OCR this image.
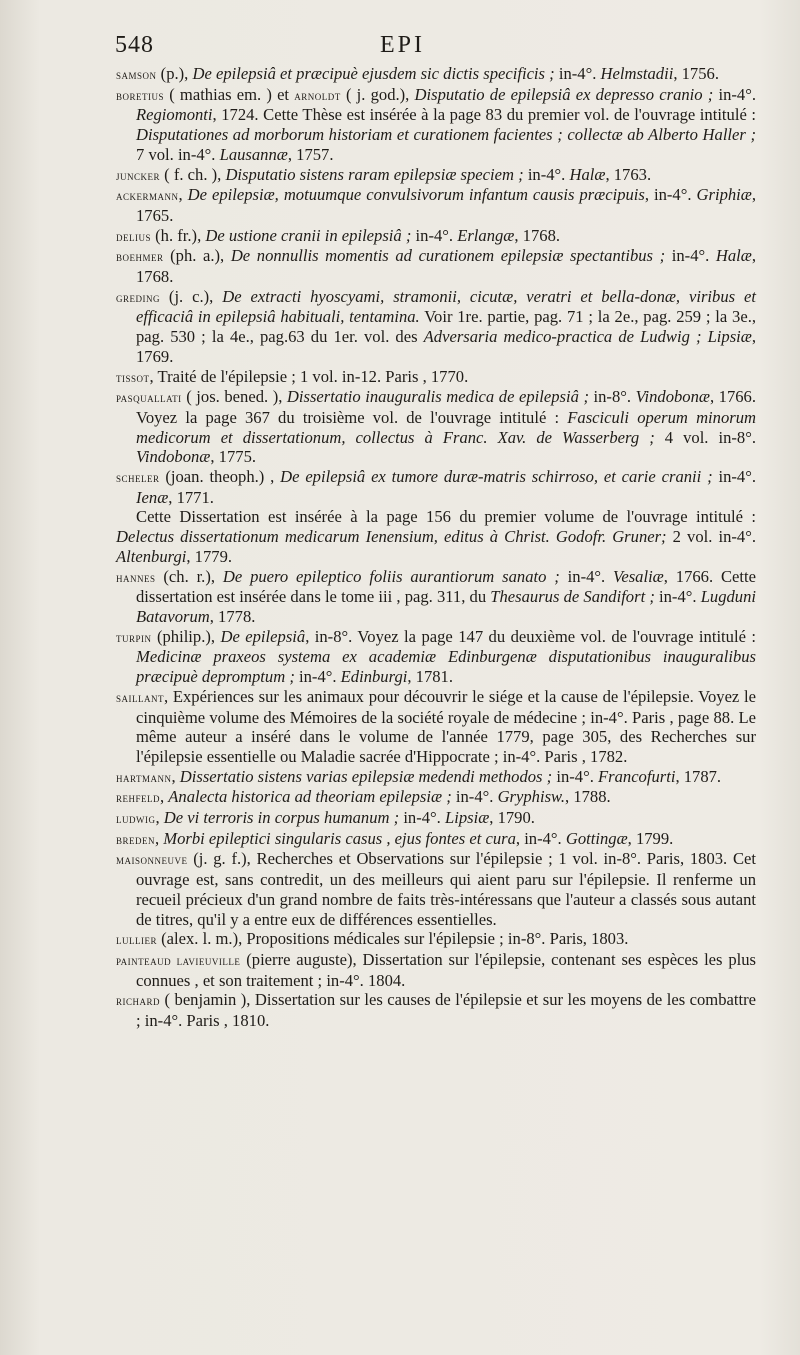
548	EPI

samson (p.), De epilepsiâ et præcipuè ejusdem sic dictis specificis ; in-4°. Helmstadii, 1756.

boretius ( mathias em. ) et arnoldt ( j. god.), Disputatio de epilepsiâ ex depresso cranio ; in-4°. Regiomonti, 1724. Cette Thèse est insérée à la page 83 du premier vol. de l'ouvrage intitulé : Disputationes ad morborum historiam et curationem facientes ; collectæ ab Alberto Haller ; 7 vol. in-4°. Lausannæ, 1757.

juncker ( f. ch. ), Disputatio sistens raram epilepsiæ speciem ; in-4°. Halæ, 1763.

ackermann, De epilepsiæ, motuumque convulsivorum infantum causis præcipuis, in-4°. Griphiæ, 1765.

delius (h. fr.), De ustione cranii in epilepsiâ ; in-4°. Erlangæ, 1768.

boehmer (ph. a.), De nonnullis momentis ad curationem epilepsiæ spectantibus ; in-4°. Halæ, 1768.

greding (j. c.), De extracti hyoscyami, stramonii, cicutæ, veratri et bella-donæ, viribus et efficaciâ in epilepsiâ habituali, tentamina. Voir 1re. partie, pag. 71 ; la 2e., pag. 259 ; la 3e., pag. 530 ; la 4e., pag.63 du 1er. vol. des Adversaria medico-practica de Ludwig ; Lipsiæ, 1769.

tissot, Traité de l'épilepsie ; 1 vol. in-12. Paris , 1770.

pasquallati ( jos. bened. ), Dissertatio inauguralis medica de epilepsiâ ; in-8°. Vindobonæ, 1766. Voyez la page 367 du troisième vol. de l'ouvrage intitulé : Fasciculi operum minorum medicorum et dissertationum, collectus à Franc. Xav. de Wasserberg ; 4 vol. in-8°. Vindobonæ, 1775.

scheler (joan. theoph.) , De epilepsiâ ex tumore duræ-matris schirroso, et carie cranii ; in-4°. Ienæ, 1771.

Cette Dissertation est insérée à la page 156 du premier volume de l'ouvrage intitulé : Delectus dissertationum medicarum Ienensium, editus à Christ. Godofr. Gruner; 2 vol. in-4°. Altenburgi, 1779.

hannes (ch. r.), De puero epileptico foliis aurantiorum sanato ; in-4°. Vesaliæ, 1766. Cette dissertation est insérée dans le tome iii , pag. 311, du Thesaurus de Sandifort ; in-4°. Lugduni Batavorum, 1778.

turpin (philip.), De epilepsiâ, in-8°. Voyez la page 147 du deuxième vol. de l'ouvrage intitulé : Medicinæ praxeos systema ex academiæ Edinburgenæ disputationibus inauguralibus præcipuè depromptum ; in-4°. Edinburgi, 1781.

saillant, Expériences sur les animaux pour découvrir le siége et la cause de l'épilepsie. Voyez le cinquième volume des Mémoires de la société royale de médecine ; in-4°. Paris , page 88. Le même auteur a inséré dans le volume de l'année 1779, page 305, des Recherches sur l'épilepsie essentielle ou Maladie sacrée d'Hippocrate ; in-4°. Paris , 1782.

hartmann, Dissertatio sistens varias epilepsiæ medendi methodos ; in-4°. Francofurti, 1787.

rehfeld, Analecta historica ad theoriam epilepsiæ ; in-4°. Gryphisw., 1788.

ludwig, De vi terroris in corpus humanum ; in-4°. Lipsiæ, 1790.

breden, Morbi epileptici singularis casus , ejus fontes et cura, in-4°. Gottingæ, 1799.

maisonneuve (j. g. f.), Recherches et Observations sur l'épilepsie ; 1 vol. in-8°. Paris, 1803. Cet ouvrage est, sans contredit, un des meilleurs qui aient paru sur l'épilepsie. Il renferme un recueil précieux d'un grand nombre de faits très-intéressans que l'auteur a classés sous autant de titres, qu'il y a entre eux de différences essentielles.

lullier (alex. l. m.), Propositions médicales sur l'épilepsie ; in-8°. Paris, 1803.

painteaud lavieuville (pierre auguste), Dissertation sur l'épilepsie, contenant ses espèces les plus connues , et son traitement ; in-4°. 1804.

richard ( benjamin ), Dissertation sur les causes de l'épilepsie et sur les moyens de les combattre ; in-4°. Paris , 1810.
